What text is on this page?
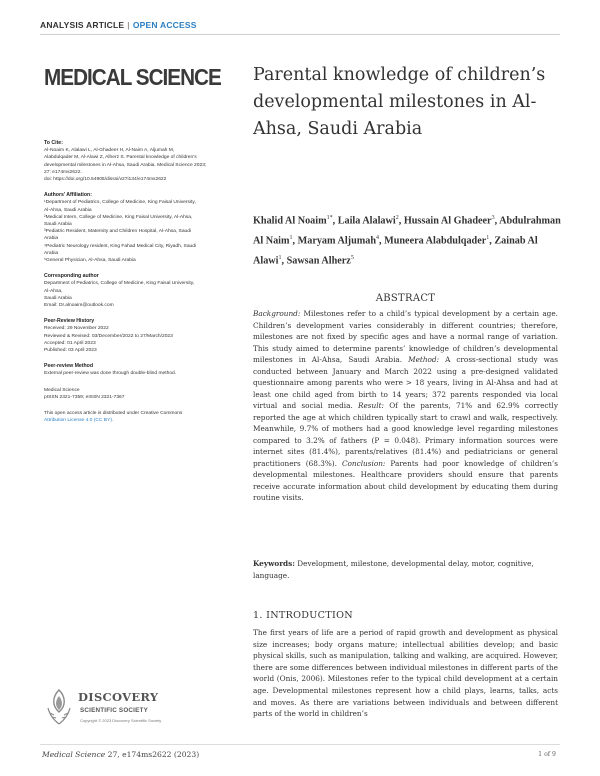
ANALYSIS ARTICLE | OPEN ACCESS
MEDICAL SCIENCE Parental knowledge of children’s developmental milestones in Al-Ahsa, Saudi Arabia
To Cite:
Al-Noaim K, Alalawi L, Al-Ghadeer H, Al-Naim A, Aljumah M,
Alabdulqader M, Al-Alawi Z, Alherz S. Parental knowledge of children’s
developmental milestones in Al-Ahsa, Saudi Arabia. Medical Science 2023;
27: e174ms2622.
doi: https://doi.org/10.54905/disssi/v27i134/e174ms2622
Authors’ Affiliation:
¹Department of Pediatrics, College of Medicine, King Faisal University,
Al-Ahsa, Saudi Arabia
²Medical Intern, College of Medicine, King Faisal University, Al-Ahsa,
Saudi Arabia
³Pediatric Resident, Maternity and Children Hospital, Al-Ahsa, Saudi
Arabia
⁴Pediatric Neurology resident, King Fahad Medical City, Riyadh, Saudi
Arabia
⁵General Physician, Al-Ahsa, Saudi Arabia
Corresponding author
Department of Pediatrics, College of Medicine, King Faisal University,
Al-Ahsa,
Saudi Arabia
Email: Dr.alnoaim@outlook.com
Peer-Review History
Received: 29 November 2022
Reviewed & Revised: 03/December/2022 to 27/March/2023
Accepted: 01 April 2023
Published: 03 April 2023
Peer-review Method
External peer-review was done through double-blind method.
Medical Science
pISSN 2321-7359; eISSN 2321-7367
This open access article is distributed under Creative Commons
Attribution License 4.0 (CC BY).
Khalid Al Noaim$^{1*}$, Laila Alalawi$^2$, Hussain Al Ghadeer$^3$, Abdulrahman Al Naim$^1$, Maryam Aljumah$^4$, Muneera Alabdulqader$^1$, Zainab Al Alawi$^1$, Sawsan Alherz$^5$
ABSTRACT

Background: Milestones refer to a child’s typical development by a certain age. Children’s development varies considerably in different countries; therefore, milestones are not fixed by specific ages and have a normal range of variation. This study aimed to determine parents’ knowledge of children’s developmental milestones in Al-Ahsa, Saudi Arabia. Method: A cross-sectional study was conducted between January and March 2022 using a pre-designed validated questionnaire among parents who were > 18 years, living in Al-Ahsa and had at least one child aged from birth to 14 years; 372 parents responded via local virtual and social media. Result: Of the parents, 71% and 62.9% correctly reported the age at which children typically start to crawl and walk, respectively. Meanwhile, 9.7% of mothers had a good knowledge level regarding milestones compared to 3.2% of fathers (P = 0.048). Primary information sources were internet sites (81.4%), parents/relatives (81.4%) and pediatricians or general practitioners (68.3%). Conclusion: Parents had poor knowledge of children’s developmental milestones. Healthcare providers should ensure that parents receive accurate information about child development by educating them during routine visits.

Keywords: Development, milestone, developmental delay, motor, cognitive, language.

1. INTRODUCTION

The first years of life are a period of rapid growth and development as physical size increases; body organs mature; intellectual abilities develop; and basic physical skills, such as manipulation, talking and walking, are acquired. However, there are some differences between individual milestones in different parts of the world (Onis, 2006). Milestones refer to the typical child development at a certain age. Developmental milestones represent how a child plays, learns, talks, acts and moves. As there are variations between individuals and between different parts of the world in children’s

DISCOVERY
SCIENTIFIC SOCIETY
Copyright © 2023 Discovery Scientific Society
Medical Science 27, e174ms2622 (2023)	1 of 9
